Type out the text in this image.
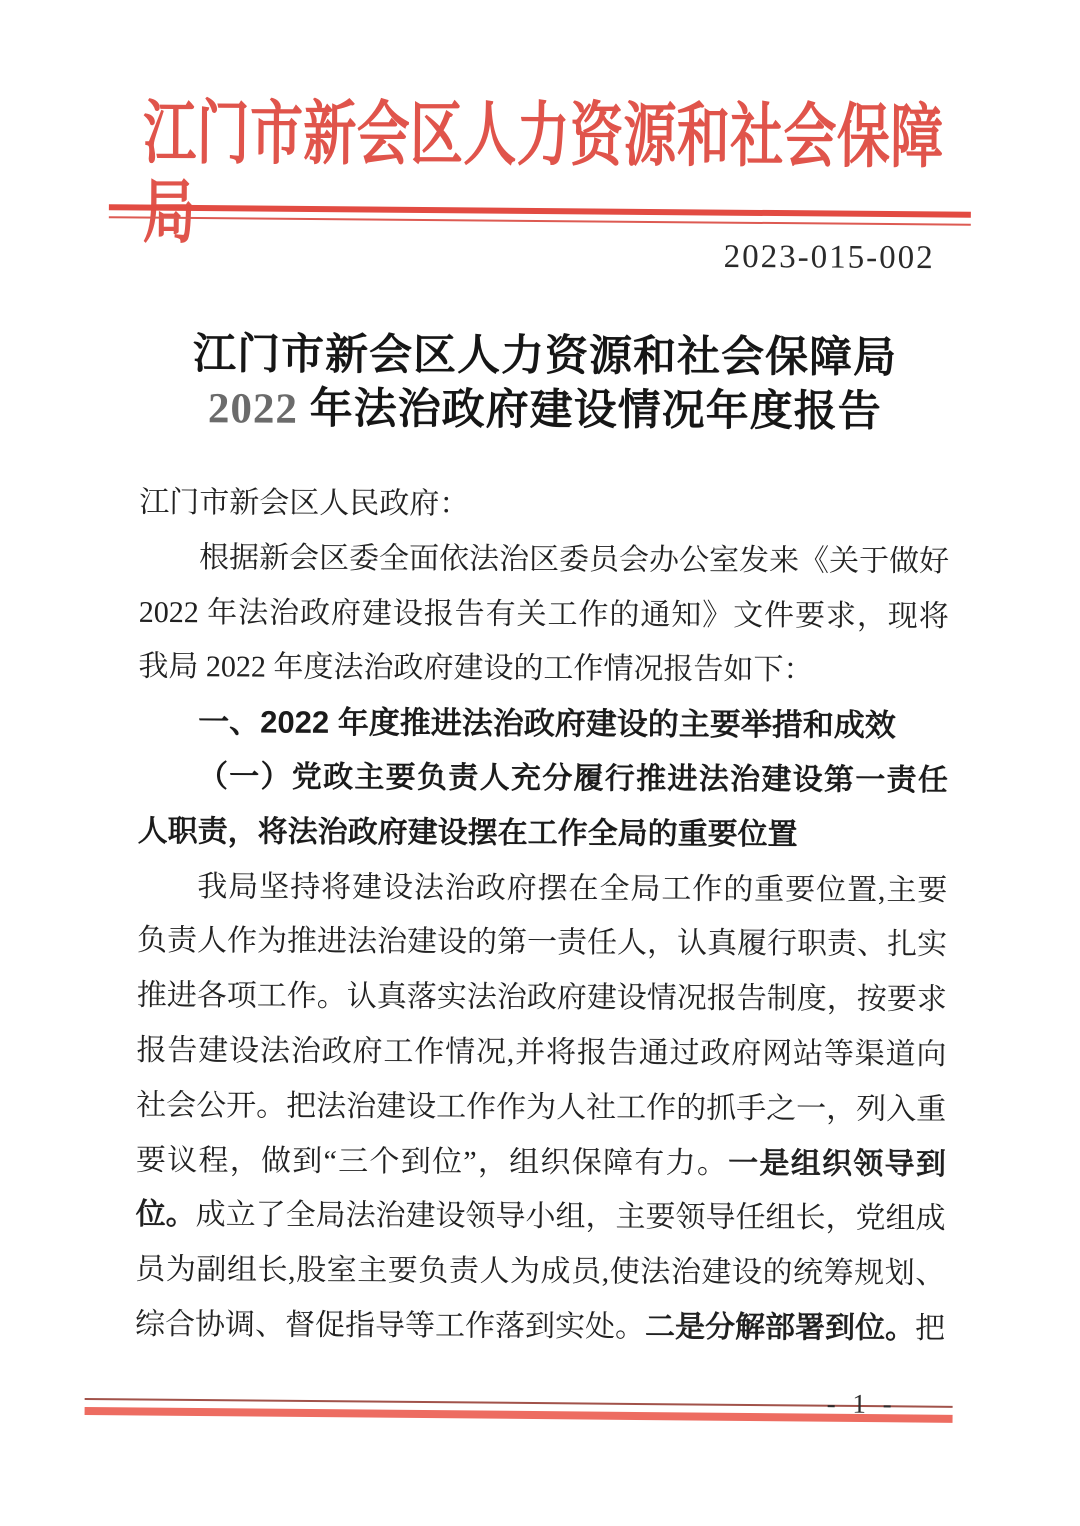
江门市新会区人力资源和社会保障局
2023-015-002
江门市新会区人力资源和社会保障局
2022 年法治政府建设情况年度报告
江门市新会区人民政府：
根据新会区委全面依法治区委员会办公室发来《关于做好
2022 年法治政府建设报告有关工作的通知》文件要求，现将
我局 2022 年度法治政府建设的工作情况报告如下：
一、2022 年度推进法治政府建设的主要举措和成效
（一）党政主要负责人充分履行推进法治建设第一责任
人职责，将法治政府建设摆在工作全局的重要位置
我局坚持将建设法治政府摆在全局工作的重要位置,主要
负责人作为推进法治建设的第一责任人，认真履行职责、扎实
推进各项工作。认真落实法治政府建设情况报告制度，按要求
报告建设法治政府工作情况,并将报告通过政府网站等渠道向
社会公开。把法治建设工作作为人社工作的抓手之一，列入重
要议程，做到“三个到位”，组织保障有力。一是组织领导到
位。成立了全局法治建设领导小组，主要领导任组长，党组成
员为副组长,股室主要负责人为成员,使法治建设的统筹规划、
综合协调、督促指导等工作落到实处。二是分解部署到位。把
- 1 -
